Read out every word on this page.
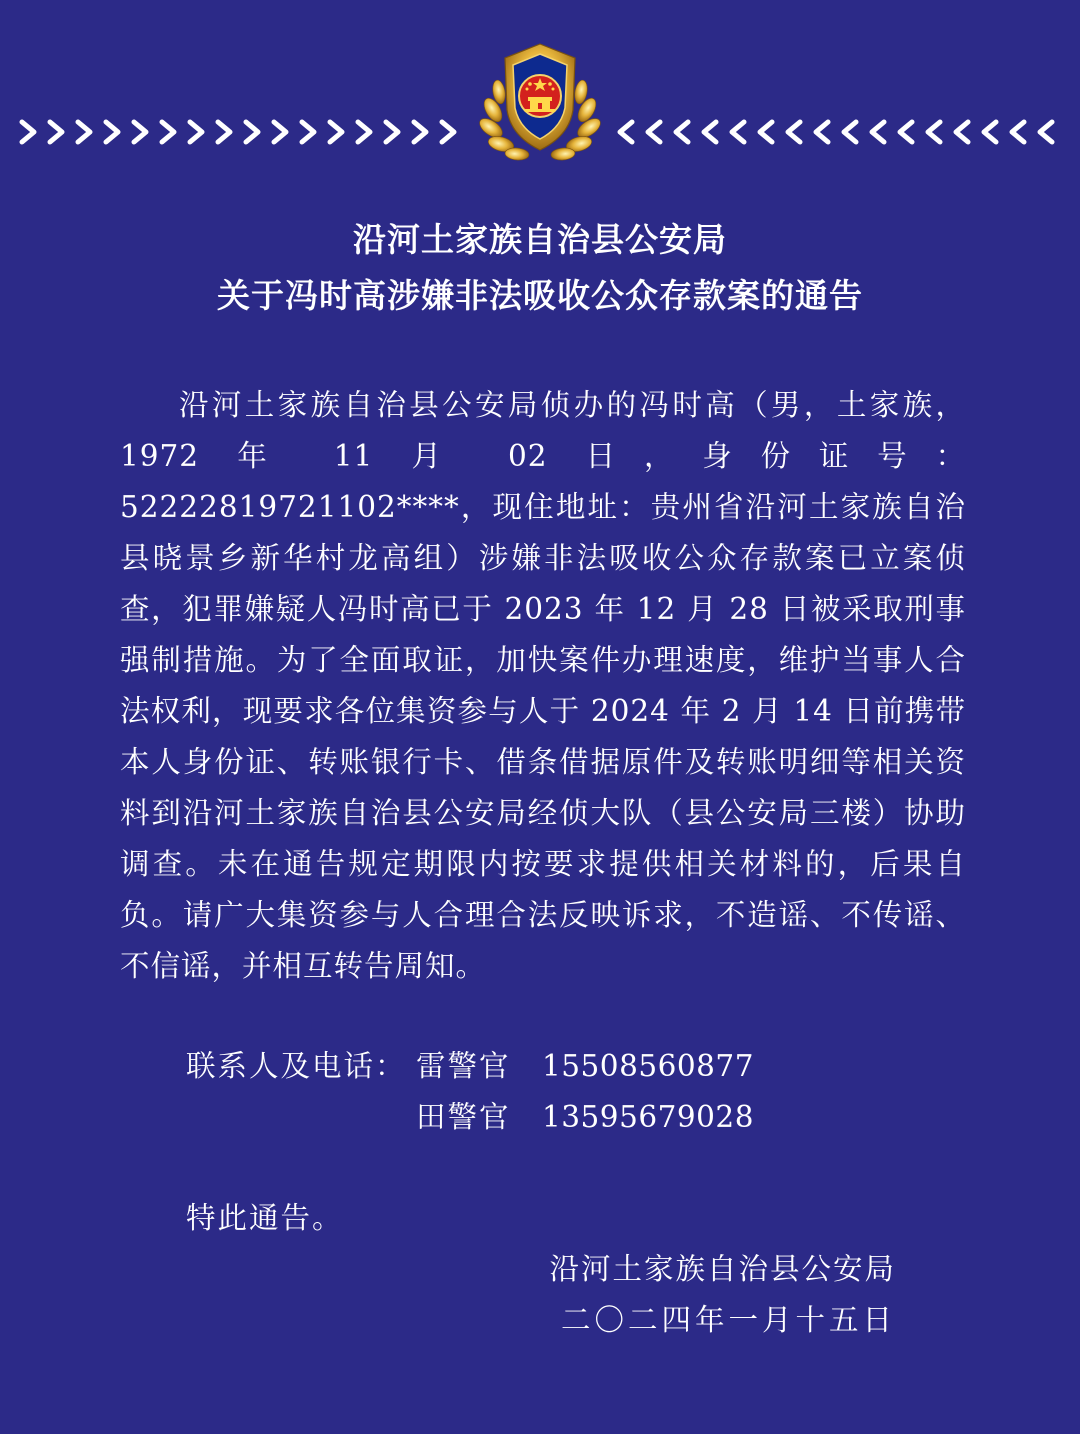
沿河土家族自治县公安局
关于冯时高涉嫌非法吸收公众存款案的通告

沿河土家族自治县公安局侦办的冯时高（男，土家族，1972 年 11 月 02 日，身份证号：52222819721102****，现住地址：贵州省沿河土家族自治县晓景乡新华村龙高组）涉嫌非法吸收公众存款案已立案侦查，犯罪嫌疑人冯时高已于 2023 年 12 月 28 日被采取刑事强制措施。为了全面取证，加快案件办理速度，维护当事人合法权利，现要求各位集资参与人于 2024 年 2 月 14 日前携带本人身份证、转账银行卡、借条借据原件及转账明细等相关资料到沿河土家族自治县公安局经侦大队（县公安局三楼）协助调查。未在通告规定期限内按要求提供相关材料的，后果自负。请广大集资参与人合理合法反映诉求，不造谣、不传谣、不信谣，并相互转告周知。

联系人及电话： 雷警官 15508560877
田警官 13595679028
特此通告。
沿河土家族自治县公安局
二〇二四年一月十五日
